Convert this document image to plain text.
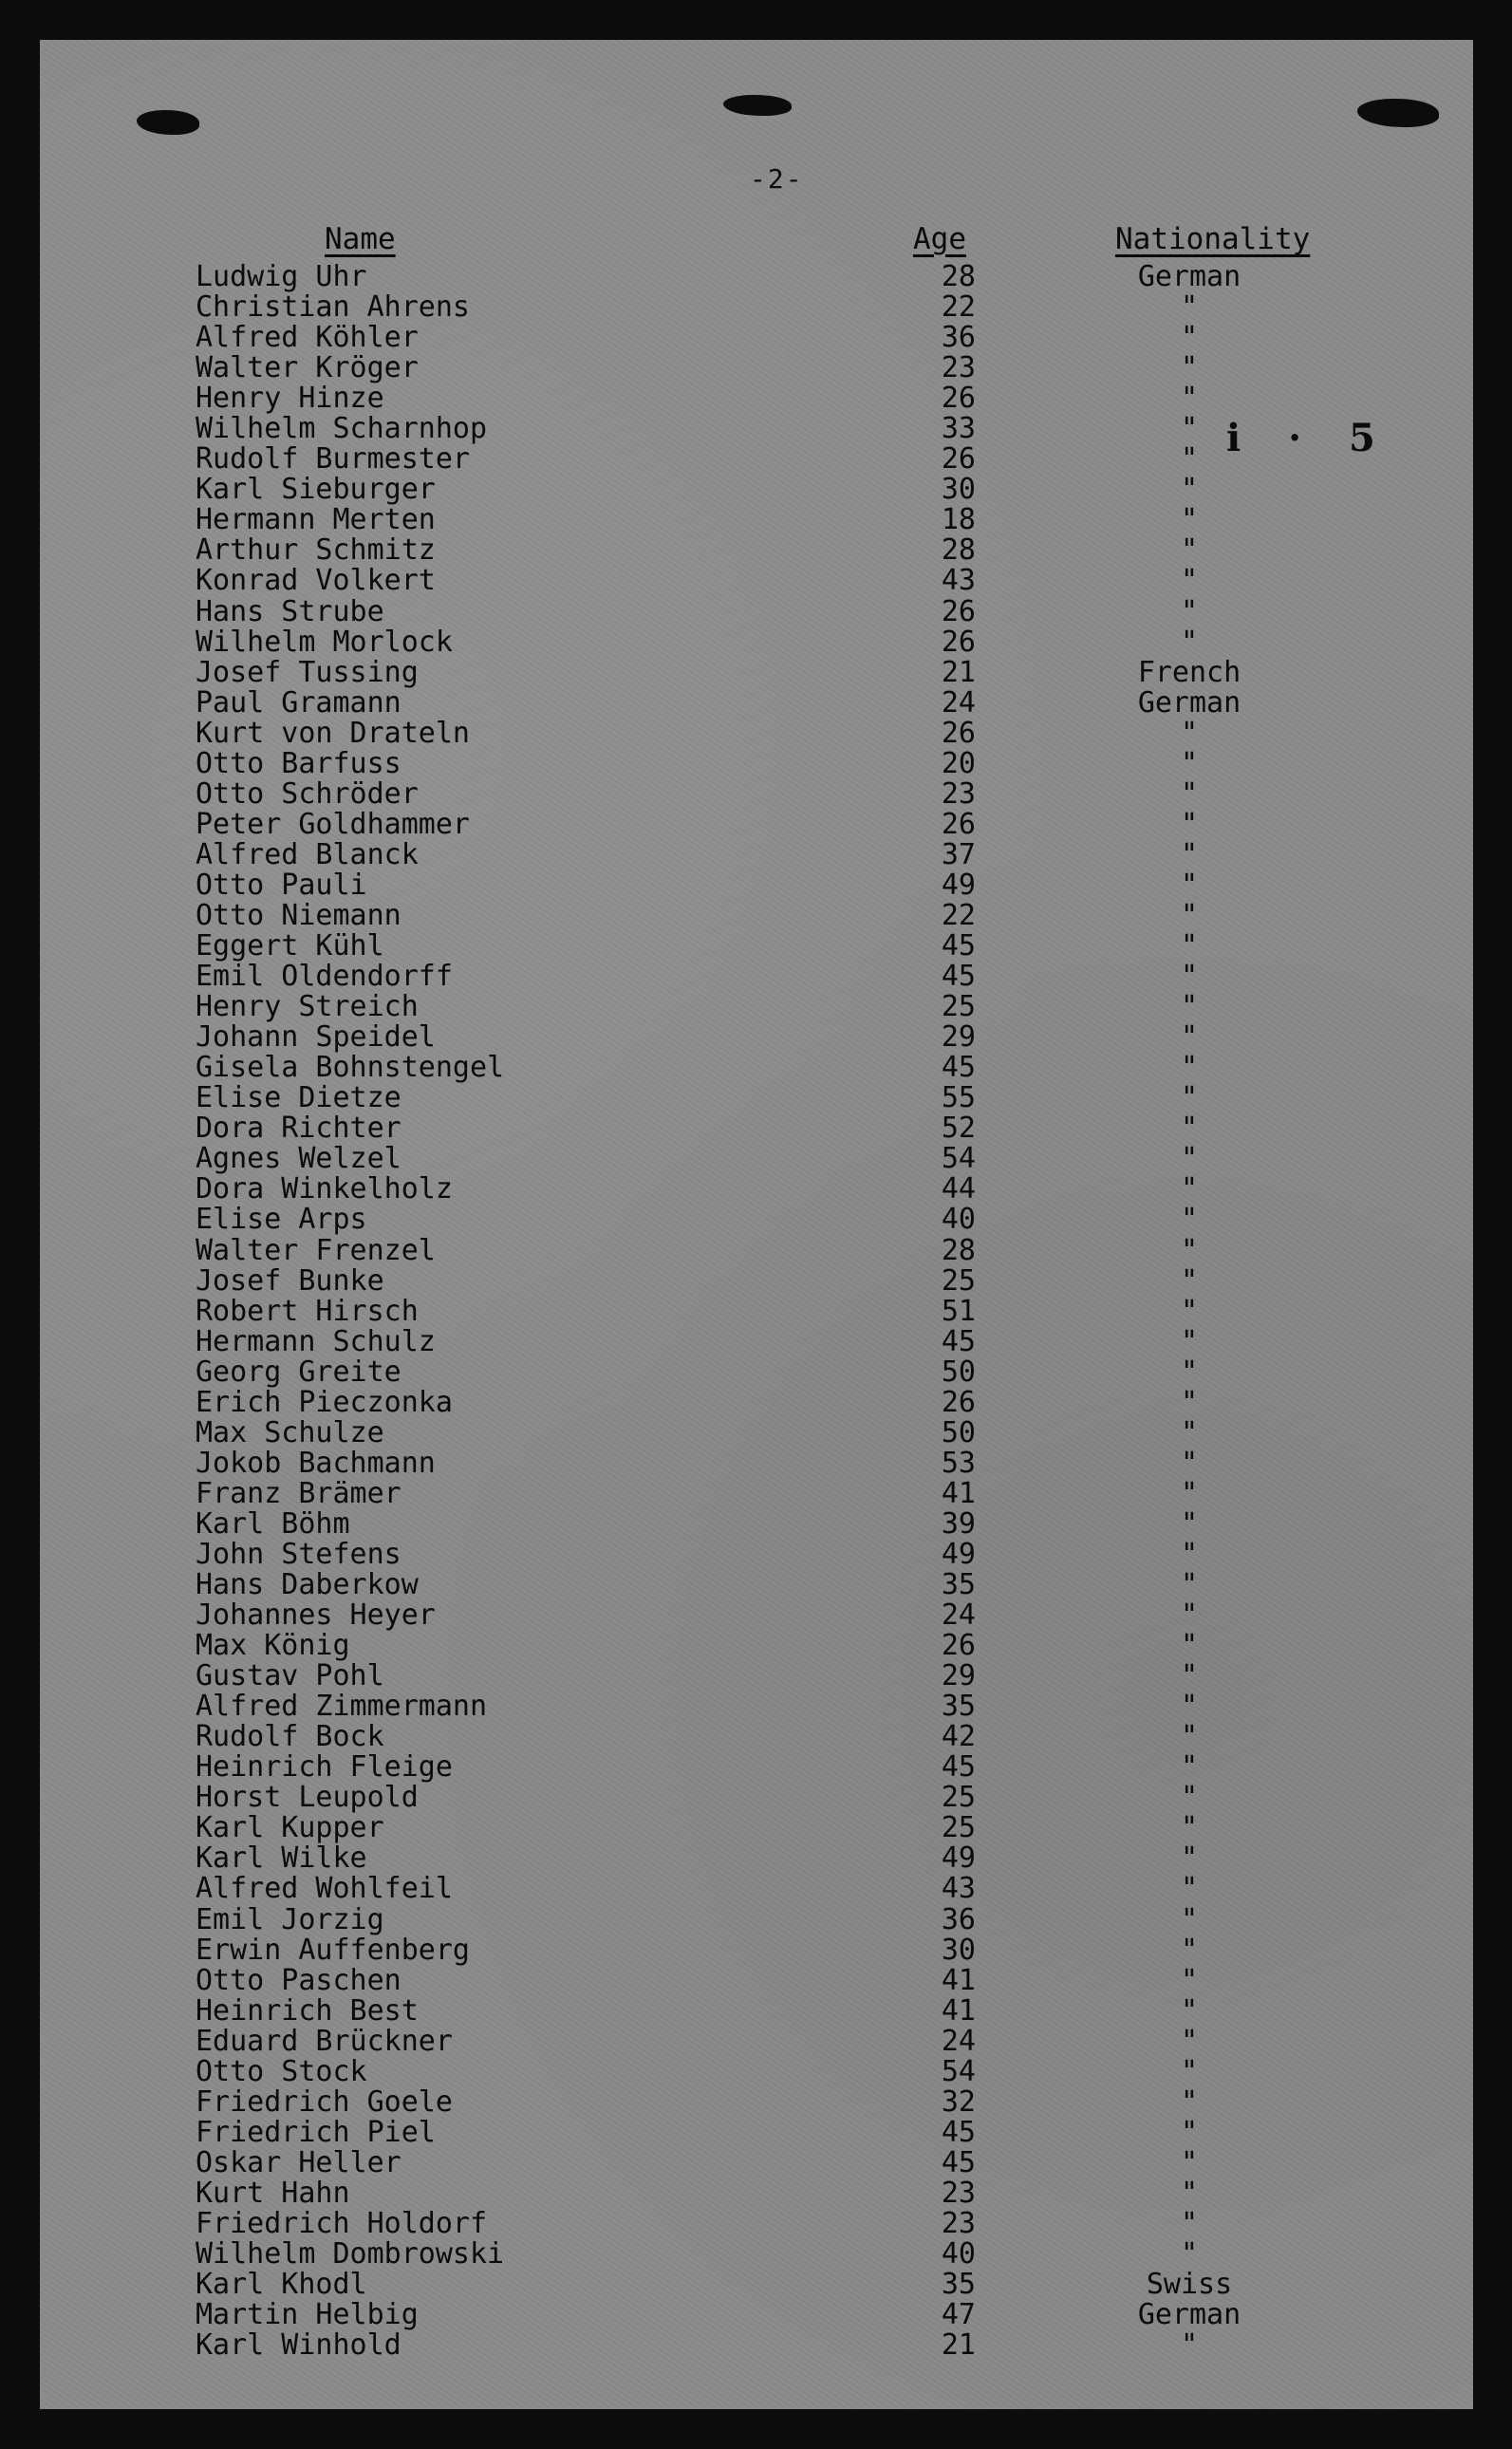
-2-
i · 5
Name	Age	Nationality
Ludwig Uhr	28	German
Christian Ahrens	22	"
Alfred Köhler	36	"
Walter Kröger	23	"
Henry Hinze	26	"
Wilhelm Scharnhop	33	"
Rudolf Burmester	26	"
Karl Sieburger	30	"
Hermann Merten	18	"
Arthur Schmitz	28	"
Konrad Volkert	43	"
Hans Strube	26	"
Wilhelm Morlock	26	"
Josef Tussing	21	French
Paul Gramann	24	German
Kurt von Drateln	26	"
Otto Barfuss	20	"
Otto Schröder	23	"
Peter Goldhammer	26	"
Alfred Blanck	37	"
Otto Pauli	49	"
Otto Niemann	22	"
Eggert Kühl	45	"
Emil Oldendorff	45	"
Henry Streich	25	"
Johann Speidel	29	"
Gisela Bohnstengel	45	"
Elise Dietze	55	"
Dora Richter	52	"
Agnes Welzel	54	"
Dora Winkelholz	44	"
Elise Arps	40	"
Walter Frenzel	28	"
Josef Bunke	25	"
Robert Hirsch	51	"
Hermann Schulz	45	"
Georg Greite	50	"
Erich Pieczonka	26	"
Max Schulze	50	"
Jokob Bachmann	53	"
Franz Brämer	41	"
Karl Böhm	39	"
John Stefens	49	"
Hans Daberkow	35	"
Johannes Heyer	24	"
Max König	26	"
Gustav Pohl	29	"
Alfred Zimmermann	35	"
Rudolf Bock	42	"
Heinrich Fleige	45	"
Horst Leupold	25	"
Karl Kupper	25	"
Karl Wilke	49	"
Alfred Wohlfeil	43	"
Emil Jorzig	36	"
Erwin Auffenberg	30	"
Otto Paschen	41	"
Heinrich Best	41	"
Eduard Brückner	24	"
Otto Stock	54	"
Friedrich Goele	32	"
Friedrich Piel	45	"
Oskar Heller	45	"
Kurt Hahn	23	"
Friedrich Holdorf	23	"
Wilhelm Dombrowski	40	"
Karl Khodl	35	Swiss
Martin Helbig	47	German
Karl Winhold	21	"
